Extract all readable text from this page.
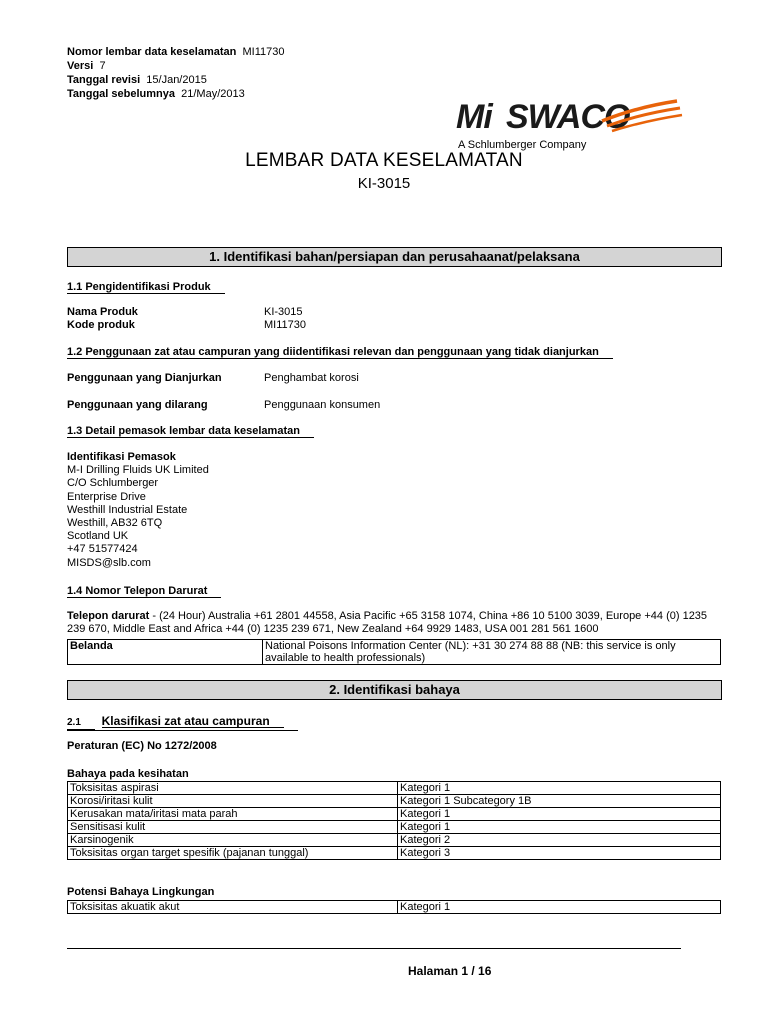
Nomor lembar data keselamatan MI11730
Versi 7
Tanggal revisi 15/Jan/2015
Tanggal sebelumnya 21/May/2013
Mi SWACO
A Schlumberger Company
LEMBAR DATA KESELAMATAN
KI-3015
1. Identifikasi bahan/persiapan dan perusahaanat/pelaksana
1.1 Pengidentifikasi Produk
Nama Produk	KI-3015
Kode produk	MI11730
1.2 Penggunaan zat atau campuran yang diidentifikasi relevan dan penggunaan yang tidak dianjurkan
Penggunaan yang Dianjurkan	Penghambat korosi
Penggunaan yang dilarang	Penggunaan konsumen
1.3 Detail pemasok lembar data keselamatan
Identifikasi Pemasok
M-I Drilling Fluids UK Limited
C/O Schlumberger
Enterprise Drive
Westhill Industrial Estate
Westhill, AB32 6TQ
Scotland UK
+47 51577424
MISDS@slb.com
1.4 Nomor Telepon Darurat
Telepon darurat - (24 Hour) Australia +61 2801 44558, Asia Pacific +65 3158 1074, China +86 10 5100 3039, Europe +44 (0) 1235 239 670, Middle East and Africa +44 (0) 1235 239 671, New Zealand +64 9929 1483, USA 001 281 561 1600
Belanda	National Poisons Information Center (NL): +31 30 274 88 88 (NB: this service is only available to health professionals)
2. Identifikasi bahaya
2.1 Klasifikasi zat atau campuran
Peraturan (EC) No 1272/2008
Bahaya pada kesihatan
Toksisitas aspirasi	Kategori 1
Korosi/iritasi kulit	Kategori 1 Subcategory 1B
Kerusakan mata/iritasi mata parah	Kategori 1
Sensitisasi kulit	Kategori 1
Karsinogenik	Kategori 2
Toksisitas organ target spesifik (pajanan tunggal)	Kategori 3
Potensi Bahaya Lingkungan
Toksisitas akuatik akut	Kategori 1
Halaman 1 / 16
